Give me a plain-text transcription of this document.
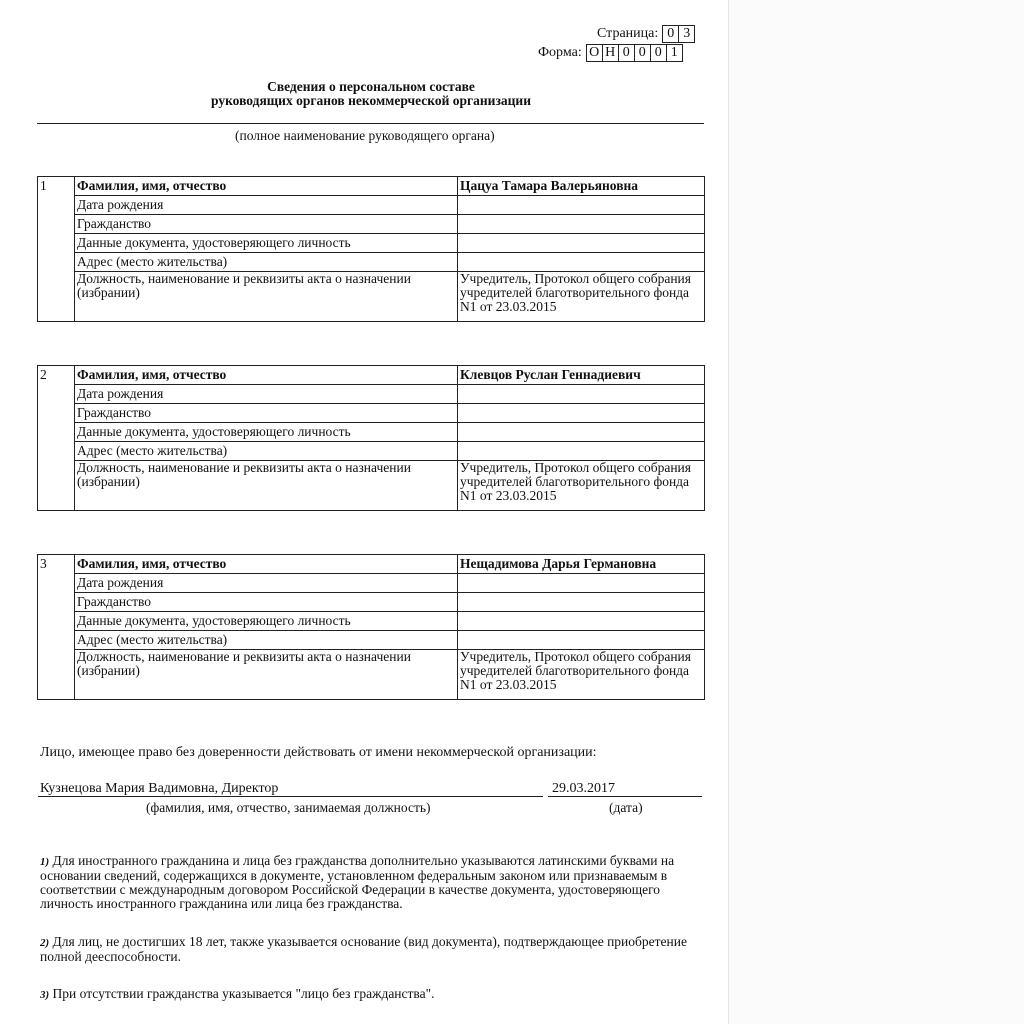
Страница: 0 3
Форма: О Н 0 0 0 1
Сведения о персональном составе
руководящих органов некоммерческой организации
(полное наименование руководящего органа)
1	Фамилия, имя, отчество	Цацуа Тамара Валерьяновна
	Дата рождения	
	Гражданство	
	Данные документа, удостоверяющего личность	
	Адрес (место жительства)	
	Должность, наименование и реквизиты акта о назначении (избрании)	Учредитель, Протокол общего собрания учредителей благотворительного фонда N1 от 23.03.2015
2	Фамилия, имя, отчество	Клевцов Руслан Геннадиевич
	Дата рождения	
	Гражданство	
	Данные документа, удостоверяющего личность	
	Адрес (место жительства)	
	Должность, наименование и реквизиты акта о назначении (избрании)	Учредитель, Протокол общего собрания учредителей благотворительного фонда N1 от 23.03.2015
3	Фамилия, имя, отчество	Нещадимова Дарья Германовна
	Дата рождения	
	Гражданство	
	Данные документа, удостоверяющего личность	
	Адрес (место жительства)	
	Должность, наименование и реквизиты акта о назначении (избрании)	Учредитель, Протокол общего собрания учредителей благотворительного фонда N1 от 23.03.2015
Лицо, имеющее право без доверенности действовать от имени некоммерческой организации:
Кузнецова Мария Вадимовна, Директор	29.03.2017
(фамилия, имя, отчество, занимаемая должность)	(дата)
1) Для иностранного гражданина и лица без гражданства дополнительно указываются латинскими буквами на основании сведений, содержащихся в документе, установленном федеральным законом или признаваемым в соответствии с международным договором Российской Федерации в качестве документа, удостоверяющего личность иностранного гражданина или лица без гражданства.
2) Для лиц, не достигших 18 лет, также указывается основание (вид документа), подтверждающее приобретение полной дееспособности.
3) При отсутствии гражданства указывается "лицо без гражданства".
